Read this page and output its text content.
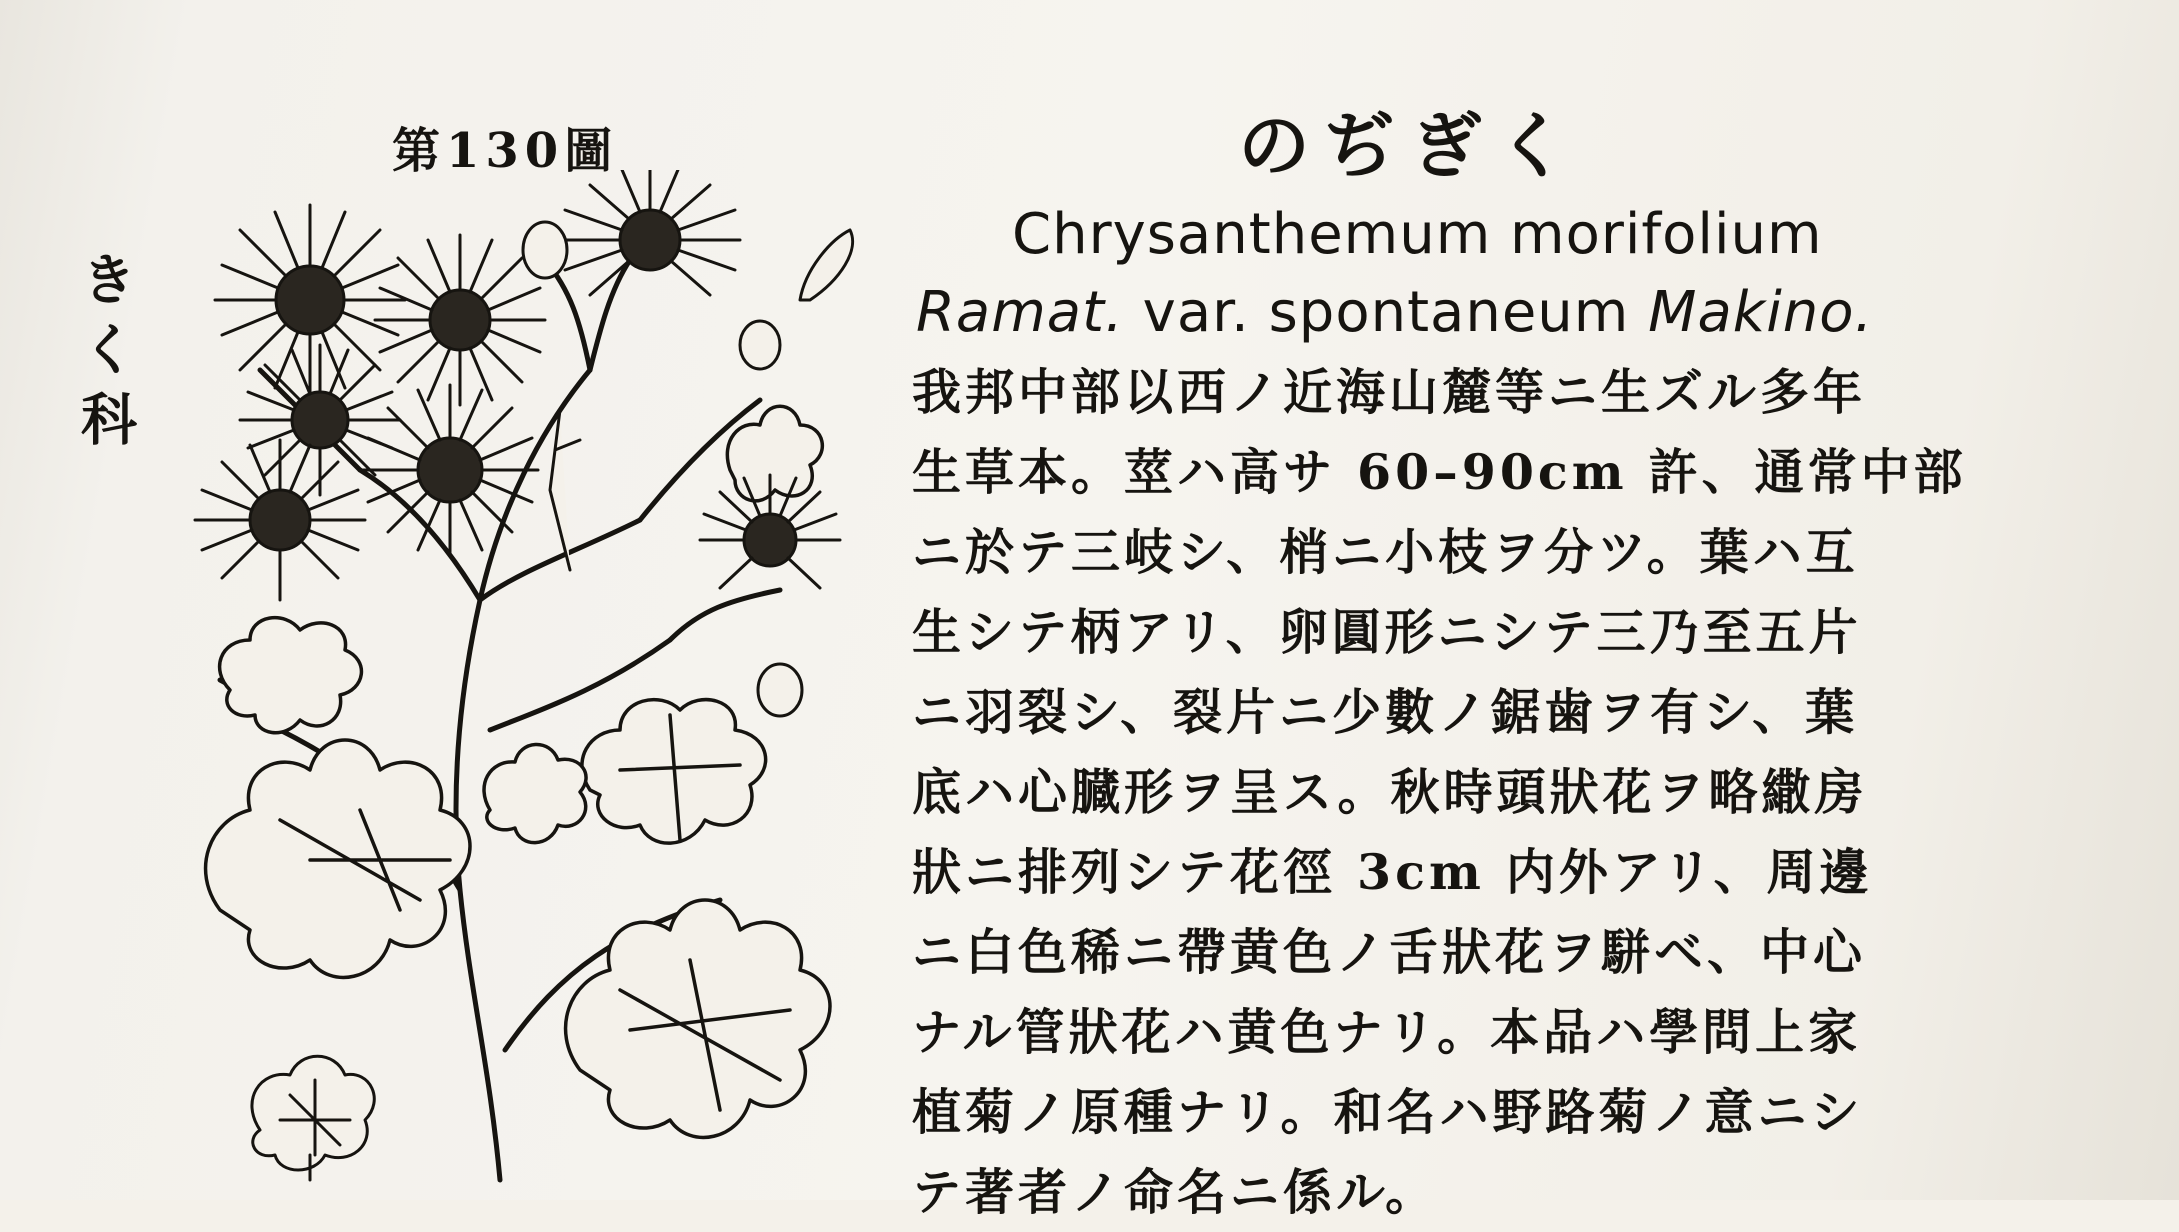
第130圖
きく科
のぢぎく
Chrysanthemum morifolium
Ramat. var. spontaneum Makino.
我邦中部以西ノ近海山麓等ニ生ズル多年
生草本。莖ハ高サ 60–90cm 許、通常中部
ニ於テ三岐シ、梢ニ小枝ヲ分ツ。葉ハ互
生シテ柄アリ、卵圓形ニシテ三乃至五片
ニ羽裂シ、裂片ニ少數ノ鋸歯ヲ有シ、葉
底ハ心臓形ヲ呈ス。秋時頭狀花ヲ略繖房
狀ニ排列シテ花徑 3cm 内外アリ、周邊
ニ白色稀ニ帶黄色ノ舌狀花ヲ駢ベ、中心
ナル管狀花ハ黄色ナリ。本品ハ學問上家
植菊ノ原種ナリ。和名ハ野路菊ノ意ニシ
テ著者ノ命名ニ係ル。
